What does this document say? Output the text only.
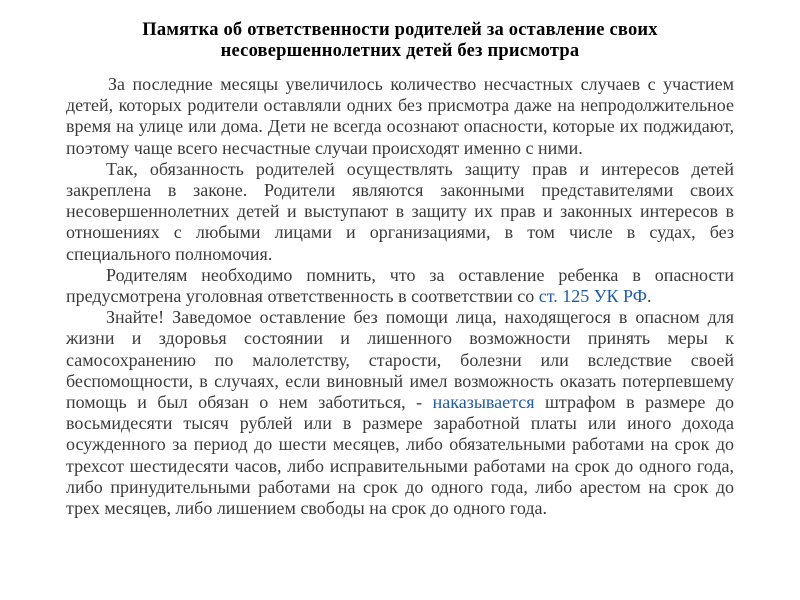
Памятка об ответственности родителей за оставление своих
несовершеннолетних детей без присмотра

За последние месяцы увеличилось количество несчастных случаев с участием детей, которых родители оставляли одних без присмотра даже на непродолжительное время на улице или дома. Дети не всегда осознают опасности, которые их поджидают, поэтому чаще всего несчастные случаи происходят именно с ними.

Так, обязанность родителей осуществлять защиту прав и интересов детей закреплена в законе. Родители являются законными представителями своих несовершеннолетних детей и выступают в защиту их прав и законных интересов в отношениях с любыми лицами и организациями, в том числе в судах, без специального полномочия.

Родителям необходимо помнить, что за оставление ребенка в опасности предусмотрена уголовная ответственность в соответствии со ст. 125 УК РФ.

Знайте! Заведомое оставление без помощи лица, находящегося в опасном для жизни и здоровья состоянии и лишенного возможности принять меры к самосохранению по малолетству, старости, болезни или вследствие своей беспомощности, в случаях, если виновный имел возможность оказать потерпевшему помощь и был обязан о нем заботиться, - наказывается штрафом в размере до восьмидесяти тысяч рублей или в размере заработной платы или иного дохода осужденного за период до шести месяцев, либо обязательными работами на срок до трехсот шестидесяти часов, либо исправительными работами на срок до одного года, либо принудительными работами на срок до одного года, либо арестом на срок до трех месяцев, либо лишением свободы на срок до одного года.
